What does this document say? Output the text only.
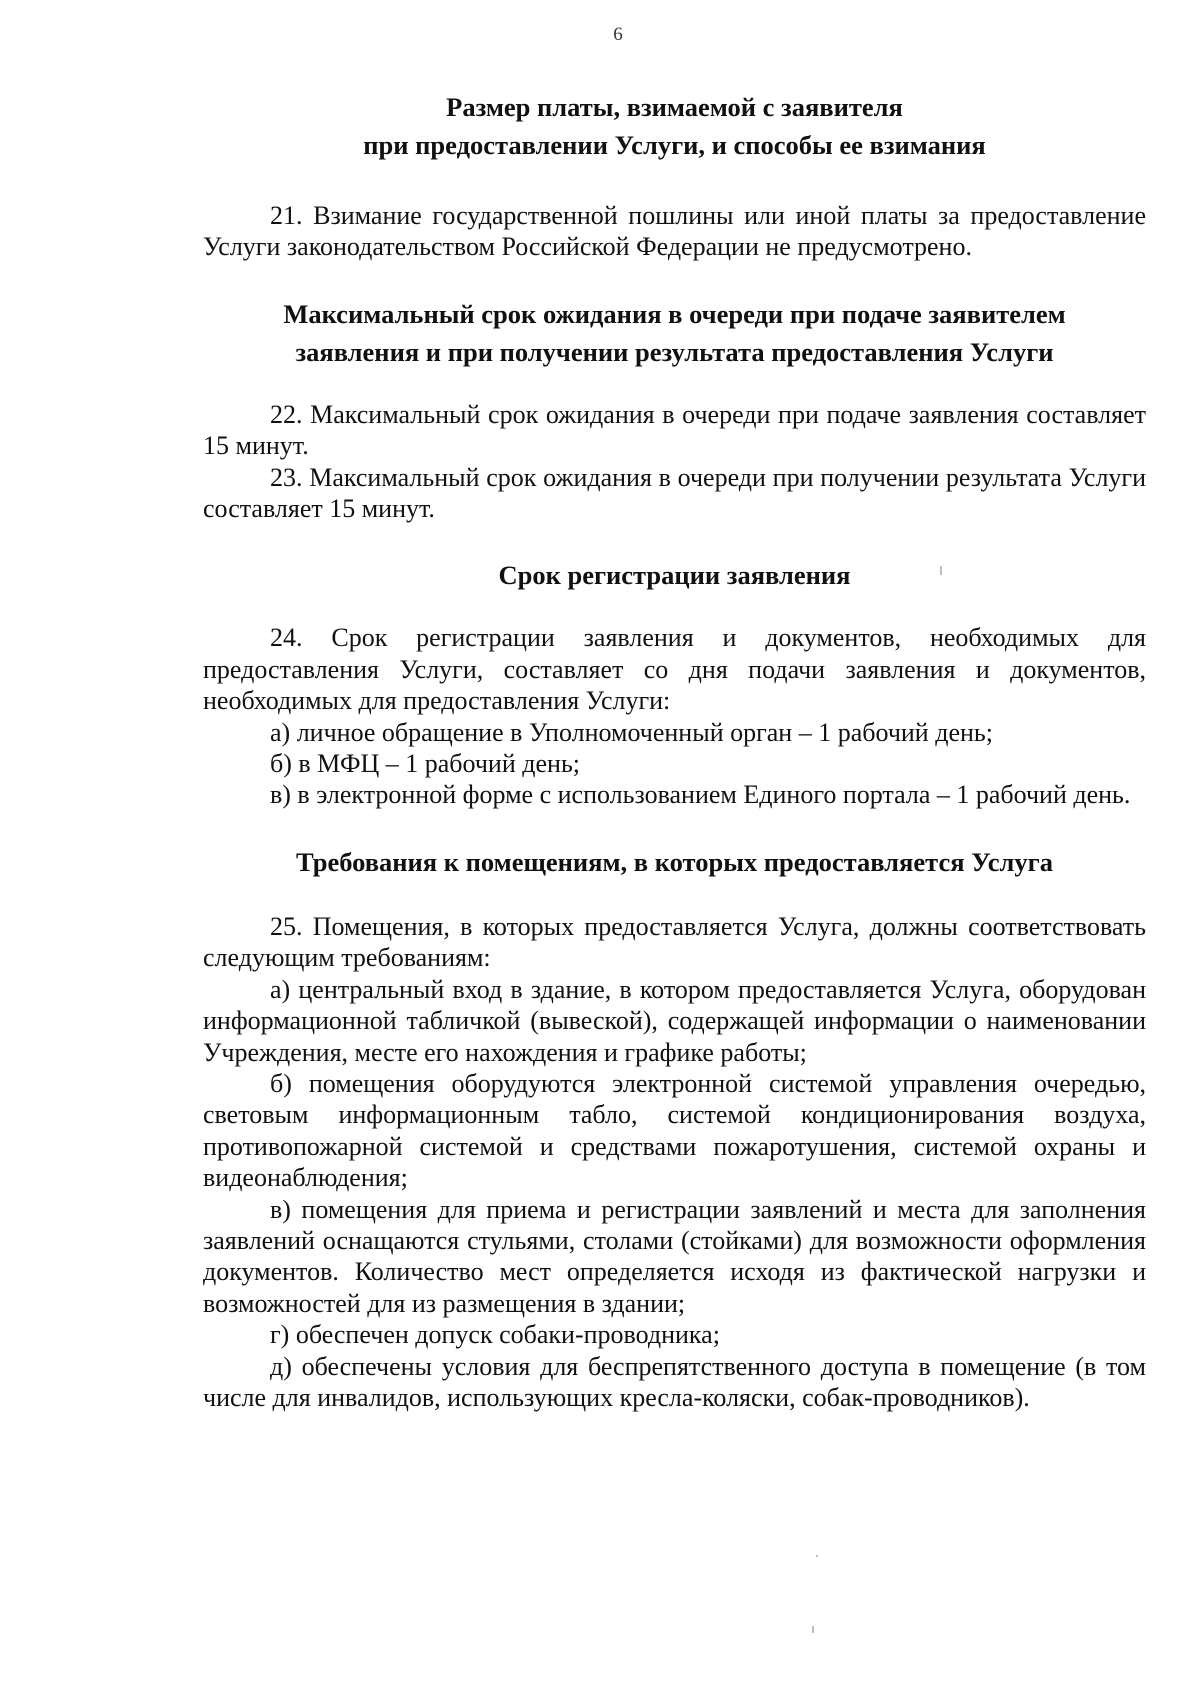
6
Размер платы, взимаемой с заявителя
при предоставлении Услуги, и способы ее взимания

21. Взимание государственной пошлины или иной платы за предоставление Услуги законодательством Российской Федерации не предусмотрено.

Максимальный срок ожидания в очереди при подаче заявителем
заявления и при получении результата предоставления Услуги

22. Максимальный срок ожидания в очереди при подаче заявления составляет 15 минут.

23. Максимальный срок ожидания в очереди при получении результата Услуги составляет 15 минут.

Срок регистрации заявления

24. Срок регистрации заявления и документов, необходимых для предоставления Услуги, составляет со дня подачи заявления и документов, необходимых для предоставления Услуги:

а) личное обращение в Уполномоченный орган – 1 рабочий день;

б) в МФЦ – 1 рабочий день;

в) в электронной форме с использованием Единого портала – 1 рабочий день.

Требования к помещениям, в которых предоставляется Услуга

25. Помещения, в которых предоставляется Услуга, должны соответствовать следующим требованиям:

а) центральный вход в здание, в котором предоставляется Услуга, оборудован информационной табличкой (вывеской), содержащей информации о наименовании Учреждения, месте его нахождения и графике работы;

б) помещения оборудуются электронной системой управления очередью, световым информационным табло, системой кондиционирования воздуха, противопожарной системой и средствами пожаротушения, системой охраны и видеонаблюдения;

в) помещения для приема и регистрации заявлений и места для заполнения заявлений оснащаются стульями, столами (стойками) для возможности оформления документов. Количество мест определяется исходя из фактической нагрузки и возможностей для из размещения в здании;

г) обеспечен допуск собаки-проводника;

д) обеспечены условия для беспрепятственного доступа в помещение (в том числе для инвалидов, использующих кресла-коляски, собак-проводников).
